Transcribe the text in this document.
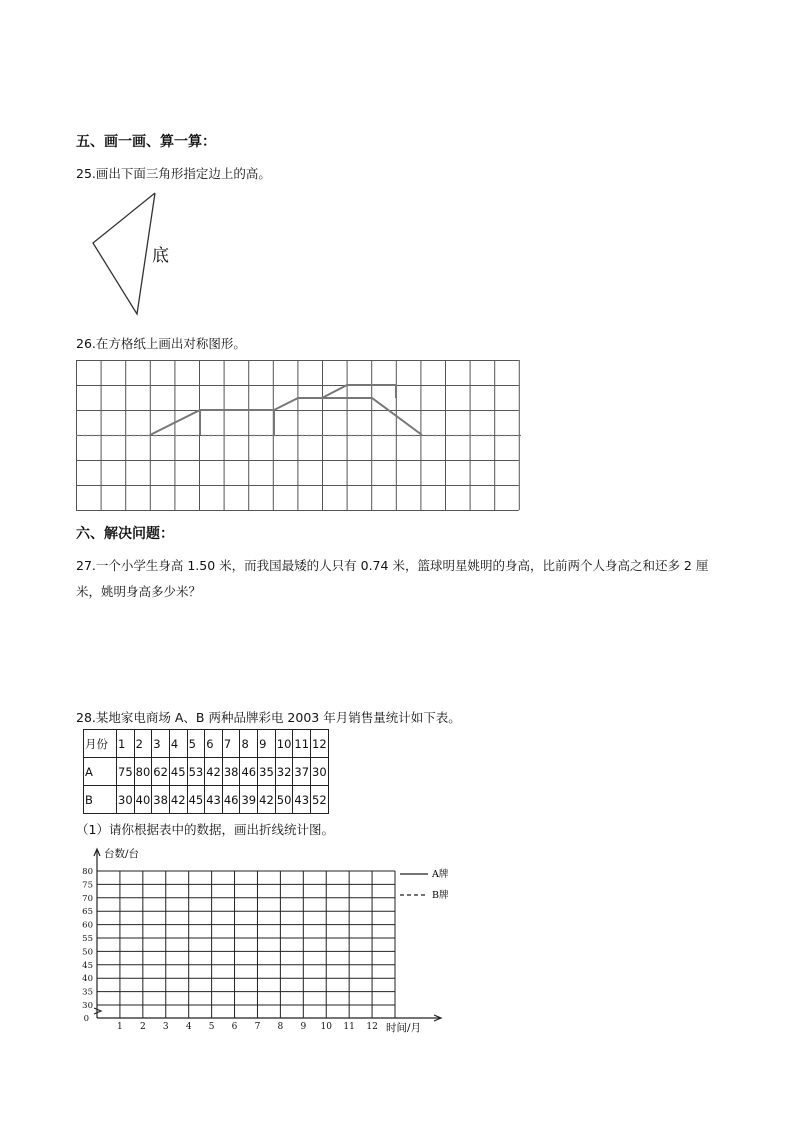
五、画一画、算一算：
25.画出下面三角形指定边上的高。
底
26.在方格纸上画出对称图形。
六、解决问题：
27.一个小学生身高 1.50 米，而我国最矮的人只有 0.74 米，篮球明星姚明的身高，比前两个人身高之和还多 2 厘米，姚明身高多少米？
28.某地家电商场 A、B 两种品牌彩电 2003 年月销售量统计如下表。
月份	1	2	3	4	5	6	7	8	9	10	11	12
A	75	80	62	45	53	42	38	46	35	32	37	30
B	30	40	38	42	45	43	46	39	42	50	43	52
（1）请你根据表中的数据，画出折线统计图。
80
75
70
65
60
55
50
45
40
35
30
0
1 2 3 4 5 6 7 8 9 10 11 12
台数/台
时间/月
A牌
B牌
